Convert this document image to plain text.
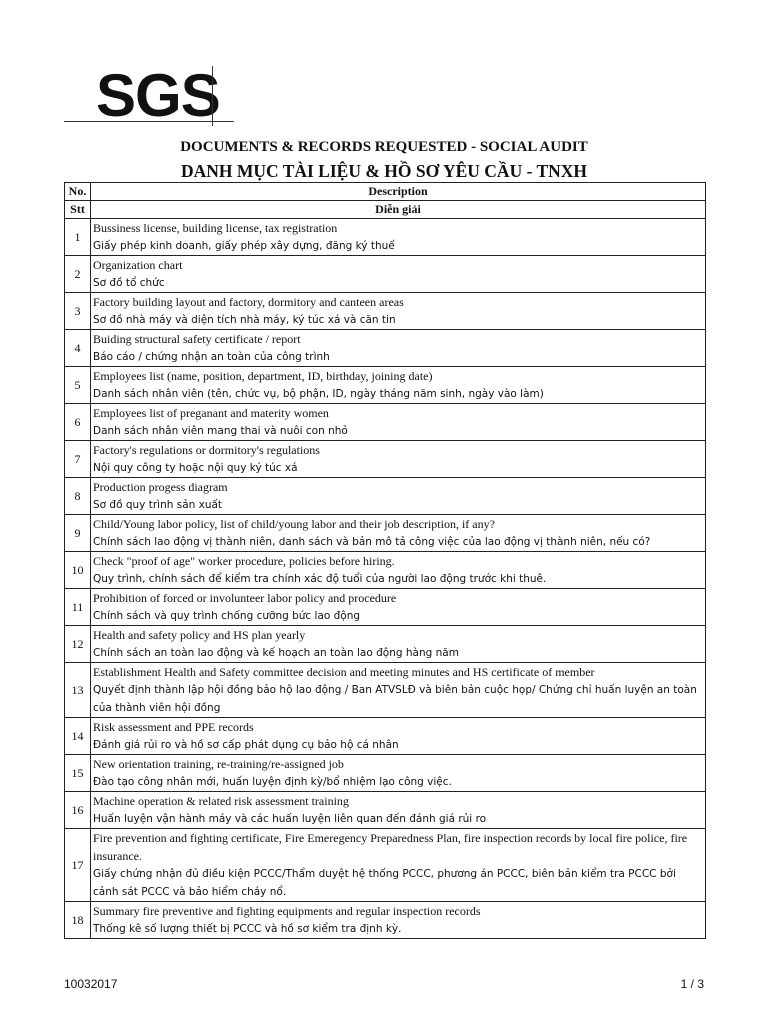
SGS
DOCUMENTS & RECORDS REQUESTED - SOCIAL AUDIT
DANH MỤC TÀI LIỆU & HỒ SƠ YÊU CẦU - TNXH
No.	Description
Stt	Diễn giải
1	Bussiness license, building license, tax registration
Giấy phép kinh doanh, giấy phép xây dựng, đăng ký thuế

2	Organization chart
Sơ đồ tổ chức

3	Factory building layout and factory, dormitory and canteen areas
Sơ đồ nhà máy và diện tích nhà máy, ký túc xá và căn tin

4	Buiding structural safety certificate / report
Báo cáo / chứng nhận an toàn của công trình

5	Employees list (name, position, department, ID, birthday, joining date)
Danh sách nhân viên (tên, chức vụ, bộ phận, ID, ngày tháng năm sinh, ngày vào làm)

6	Employees list of preganant and materity women
Danh sách nhân viên mang thai và nuôi con nhỏ

7	Factory's regulations or dormitory's regulations
Nội quy công ty hoặc nội quy ký túc xá

8	Production progess diagram
Sơ đồ quy trình sản xuất

9	Child/Young labor policy, list of child/young labor and their job description, if any?
Chính sách lao động vị thành niên, danh sách và bản mô tả công việc của lao động vị thành niên, nếu có?

10	Check "proof of age" worker procedure, policies before hiring.
Quy trình, chính sách để kiểm tra chính xác độ tuổi của người lao động trước khi thuê.

11	Prohibition of forced or involunteer labor policy and procedure
Chính sách và quy trình chống cưỡng bức lao động

12	Health and safety policy and HS plan yearly
Chính sách an toàn lao động và kế hoạch an toàn lao động hàng năm

13	Establishment Health and Safety committee decision and meeting minutes and HS certificate of member
Quyết định thành lập hội đồng bảo hộ lao động / Ban ATVSLĐ và biên bản cuộc họp/ Chứng chỉ huấn luyện an toàn của thành viên hội đồng

14	Risk assessment and PPE records
Đánh giá rủi ro và hồ sơ cấp phát dụng cụ bảo hộ cá nhân

15	New orientation training, re-training/re-assigned job
Đào tạo công nhân mới, huấn luyện định kỳ/bổ nhiệm lạo công việc.

16	Machine operation & related risk assessment training
Huấn luyện vận hành máy và các huấn luyện liên quan đến đánh giá rủi ro

17	Fire prevention and fighting certificate, Fire Emeregency Preparedness Plan, fire inspection records by local fire police, fire insurance.
Giấy chứng nhận đủ điều kiện PCCC/Thẩm duyệt hệ thống PCCC, phương án PCCC, biên bản kiểm tra PCCC bởi cảnh sát PCCC và bảo hiểm cháy nổ.

18	Summary fire preventive and fighting equipments and regular inspection records
Thống kê số lượng thiết bị PCCC và hồ sơ kiểm tra định kỳ.
10032017	1 / 3
